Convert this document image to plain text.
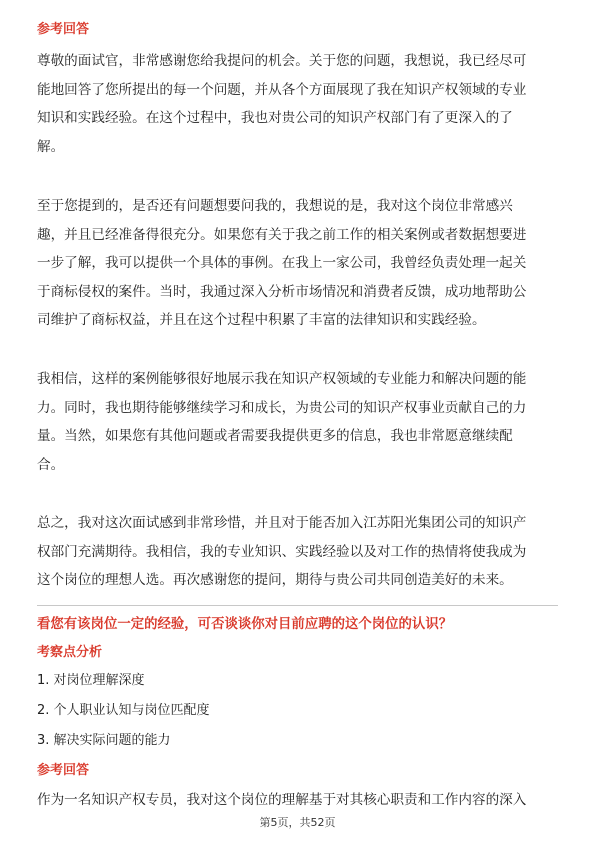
参考回答

尊敬的面试官，非常感谢您给我提问的机会。关于您的问题，我想说，我已经尽可
能地回答了您所提出的每一个问题，并从各个方面展现了我在知识产权领域的专业
知识和实践经验。在这个过程中，我也对贵公司的知识产权部门有了更深入的了
解。

至于您提到的，是否还有问题想要问我的，我想说的是，我对这个岗位非常感兴
趣，并且已经准备得很充分。如果您有关于我之前工作的相关案例或者数据想要进
一步了解，我可以提供一个具体的事例。在我上一家公司，我曾经负责处理一起关
于商标侵权的案件。当时，我通过深入分析市场情况和消费者反馈，成功地帮助公
司维护了商标权益，并且在这个过程中积累了丰富的法律知识和实践经验。

我相信，这样的案例能够很好地展示我在知识产权领域的专业能力和解决问题的能
力。同时，我也期待能够继续学习和成长，为贵公司的知识产权事业贡献自己的力
量。当然，如果您有其他问题或者需要我提供更多的信息，我也非常愿意继续配
合。

总之，我对这次面试感到非常珍惜，并且对于能否加入江苏阳光集团公司的知识产
权部门充满期待。我相信，我的专业知识、实践经验以及对工作的热情将使我成为
这个岗位的理想人选。再次感谢您的提问，期待与贵公司共同创造美好的未来。

看您有该岗位一定的经验，可否谈谈你对目前应聘的这个岗位的认识？
考察点分析
1. 对岗位理解深度
2. 个人职业认知与岗位匹配度
3. 解决实际问题的能力
参考回答

作为一名知识产权专员，我对这个岗位的理解基于对其核心职责和工作内容的深入

第5页，共52页
